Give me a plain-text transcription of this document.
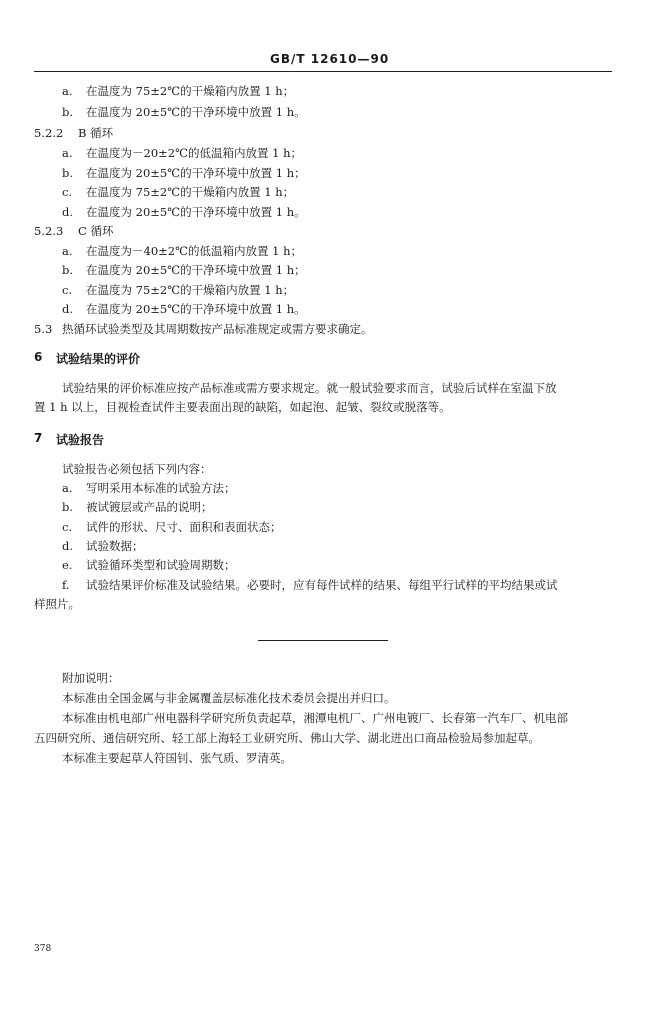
GB/T 12610—90
a. 在温度为 75±2℃的干燥箱内放置 1 h；
b. 在温度为 20±5℃的干净环境中放置 1 h。
5.2.2 B 循环
a. 在温度为－20±2℃的低温箱内放置 1 h；
b. 在温度为 20±5℃的干净环境中放置 1 h；
c. 在温度为 75±2℃的干燥箱内放置 1 h；
d. 在温度为 20±5℃的干净环境中放置 1 h。
5.2.3 C 循环
a. 在温度为－40±2℃的低温箱内放置 1 h；
b. 在温度为 20±5℃的干净环境中放置 1 h；
c. 在温度为 75±2℃的干燥箱内放置 1 h；
d. 在温度为 20±5℃的干净环境中放置 1 h。
5.3 热循环试验类型及其周期数按产品标准规定或需方要求确定。
6 试验结果的评价
试验结果的评价标准应按产品标准或需方要求规定。就一般试验要求而言，试验后试样在室温下放
置 1 h 以上，目视检查试件主要表面出现的缺陷，如起泡、起皱、裂纹或脱落等。
7 试验报告
试验报告必须包括下列内容：
a. 写明采用本标准的试验方法；
b. 被试镀层或产品的说明；
c. 试件的形状、尺寸、面积和表面状态；
d. 试验数据；
e. 试验循环类型和试验周期数；
f. 试验结果评价标准及试验结果。必要时，应有每件试样的结果、每组平行试样的平均结果或试
样照片。
附加说明：
本标准由全国金属与非金属覆盖层标准化技术委员会提出并归口。
本标准由机电部广州电器科学研究所负责起草，湘潭电机厂、广州电镀厂、长春第一汽车厂、机电部
五四研究所、通信研究所、轻工部上海轻工业研究所、佛山大学、湖北进出口商品检验局参加起草。
本标准主要起草人符国钊、张气质、罗清英。
378
